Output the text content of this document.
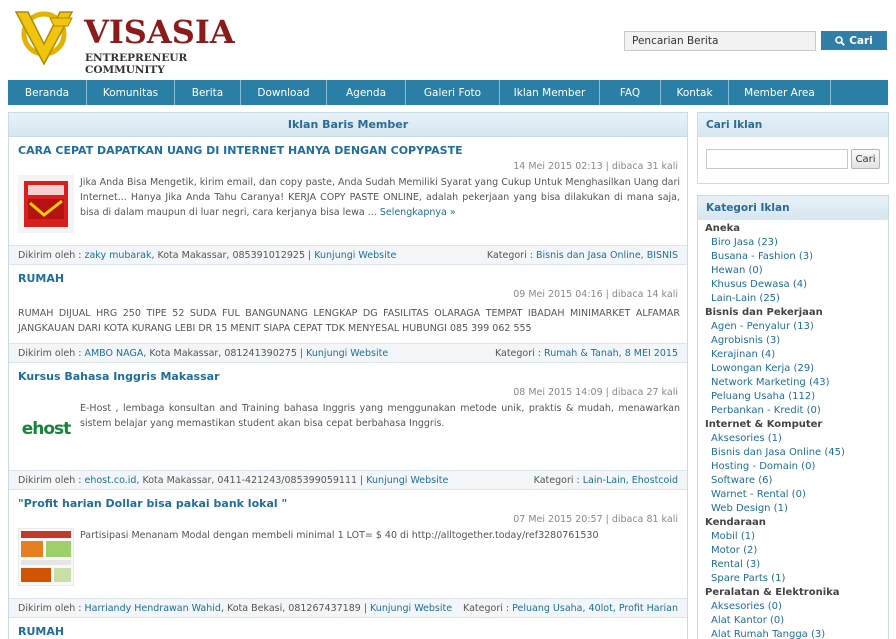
VISASIA
ENTREPRENEUR COMMUNITY
Pencarian Berita
Cari
Beranda	Komunitas	Berita	Download	Agenda	Galeri Foto	Iklan Member	FAQ	Kontak	Member Area
Iklan Baris Member
CARA CEPAT DAPATKAN UANG DI INTERNET HANYA DENGAN COPYPASTE
14 Mei 2015 02:13 | dibaca 31 kali
Jika Anda Bisa Mengetik, kirim email, dan copy paste, Anda Sudah Memiliki Syarat yang Cukup Untuk Menghasilkan Uang dari Internet... Hanya Jika Anda Tahu Caranya! KERJA COPY PASTE ONLINE, adalah pekerjaan yang bisa dilakukan di mana saja, bisa di dalam maupun di luar negri, cara kerjanya bisa lewa ... Selengkapnya »
Dikirim oleh : zaky mubarak, Kota Makassar, 085391012925 | Kunjungi Website	Kategori : Bisnis dan Jasa Online, BISNIS
RUMAH
09 Mei 2015 04:16 | dibaca 14 kali
RUMAH DIJUAL HRG 250 TIPE 52 SUDA FUL BANGUNANG LENGKAP DG FASILITAS OLARAGA TEMPAT IBADAH MINIMARKET ALFAMAR JANGKAUAN DARI KOTA KURANG LEBI DR 15 MENIT SIAPA CEPAT TDK MENYESAL HUBUNGI 085 399 062 555
Dikirim oleh : AMBO NAGA, Kota Makassar, 081241390275 | Kunjungi Website	Kategori : Rumah & Tanah, 8 MEI 2015
Kursus Bahasa Inggris Makassar
08 Mei 2015 14:09 | dibaca 27 kali
ehost
E-Host , lembaga konsultan and Training bahasa Inggris yang menggunakan metode unik, praktis & mudah, menawarkan sistem belajar yang memastikan student akan bisa cepat berbahasa Inggris.
Dikirim oleh : ehost.co.id, Kota Makassar, 0411-421243/085399059111 | Kunjungi Website	Kategori : Lain-Lain, Ehostcoid
"Profit harian Dollar bisa pakai bank lokal "
07 Mei 2015 20:57 | dibaca 81 kali
Partisipasi Menanam Modal dengan membeli minimal 1 LOT= $ 40 di http://alltogether.today/ref3280761530
Dikirim oleh : Harriandy Hendrawan Wahid, Kota Bekasi, 081267437189 | Kunjungi Website Kategori : Peluang Usaha, 40lot, Profit Harian
RUMAH
Cari Iklan
Cari
Kategori Iklan
Aneka
Biro Jasa (23)
Busana - Fashion (3)
Hewan (0)
Khusus Dewasa (4)
Lain-Lain (25)
Bisnis dan Pekerjaan
Agen - Penyalur (13)
Agrobisnis (3)
Kerajinan (4)
Lowongan Kerja (29)
Network Marketing (43)
Peluang Usaha (112)
Perbankan - Kredit (0)
Internet & Komputer
Aksesories (1)
Bisnis dan Jasa Online (45)
Hosting - Domain (0)
Software (6)
Warnet - Rental (0)
Web Design (1)
Kendaraan
Mobil (1)
Motor (2)
Rental (3)
Spare Parts (1)
Peralatan & Elektronika
Aksesories (0)
Alat Kantor (0)
Alat Rumah Tangga (3)
